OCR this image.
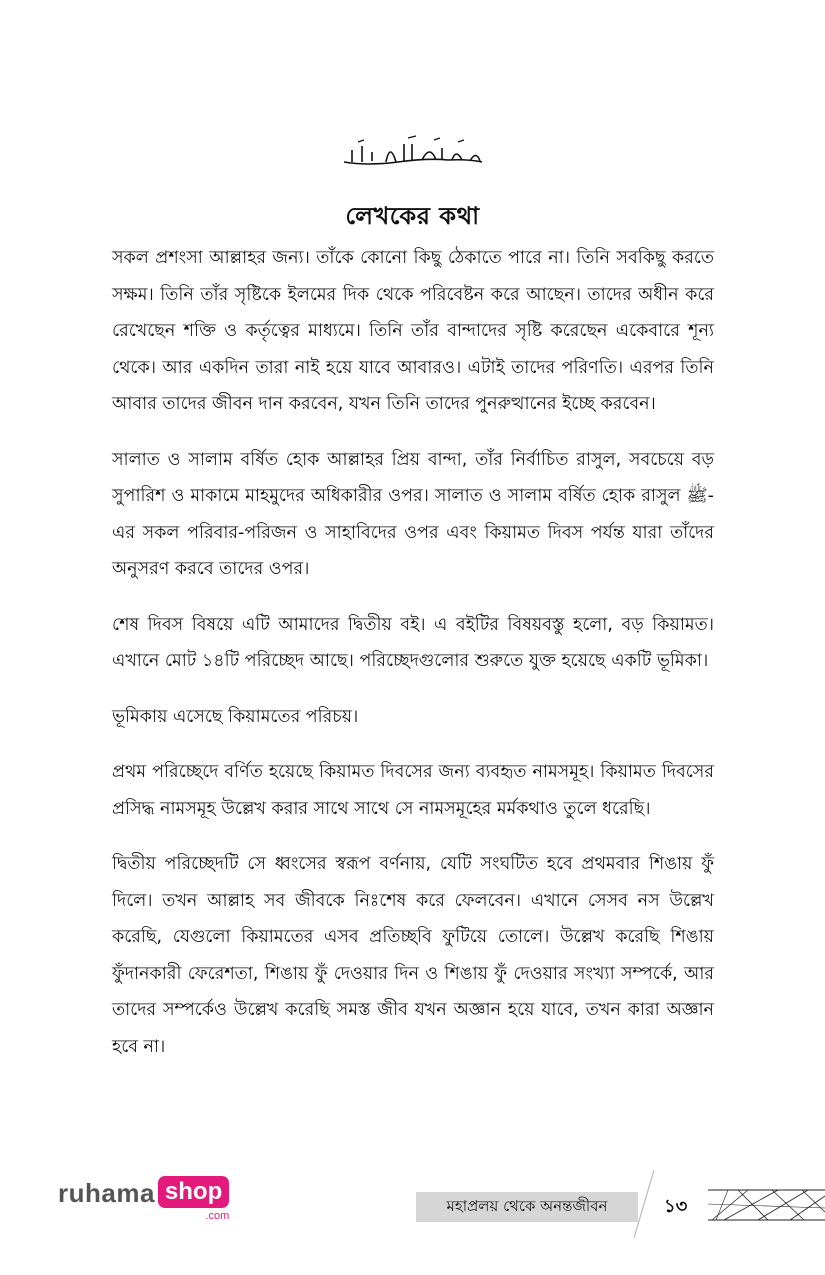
লেখকের কথা

সকল প্রশংসা আল্লাহর জন্য। তাঁকে কোনো কিছু ঠেকাতে পারে না। তিনি সবকিছু করতে সক্ষম। তিনি তাঁর সৃষ্টিকে ইলমের দিক থেকে পরিবেষ্টন করে আছেন। তাদের অধীন করে রেখেছেন শক্তি ও কর্তৃত্বের মাধ্যমে। তিনি তাঁর বান্দাদের সৃষ্টি করেছেন একেবারে শূন্য থেকে। আর একদিন তারা নাই হয়ে যাবে আবারও। এটাই তাদের পরিণতি। এরপর তিনি আবার তাদের জীবন দান করবেন, যখন তিনি তাদের পুনরুত্থানের ইচ্ছে করবেন।

সালাত ও সালাম বর্ষিত হোক আল্লাহর প্রিয় বান্দা, তাঁর নির্বাচিত রাসুল, সবচেয়ে বড় সুপারিশ ও মাকামে মাহমুদের অধিকারীর ওপর। সালাত ও সালাম বর্ষিত হোক রাসুল ﷺ-এর সকল পরিবার-পরিজন ও সাহাবিদের ওপর এবং কিয়ামত দিবস পর্যন্ত যারা তাঁদের অনুসরণ করবে তাদের ওপর।

শেষ দিবস বিষয়ে এটি আমাদের দ্বিতীয় বই। এ বইটির বিষয়বস্তু হলো, বড় কিয়ামত। এখানে মোট ১৪টি পরিচ্ছেদ আছে। পরিচ্ছেদগুলোর শুরুতে যুক্ত হয়েছে একটি ভূমিকা।

ভূমিকায় এসেছে কিয়ামতের পরিচয়।

প্রথম পরিচ্ছেদে বর্ণিত হয়েছে কিয়ামত দিবসের জন্য ব্যবহৃত নামসমূহ। কিয়ামত দিবসের প্রসিদ্ধ নামসমূহ উল্লেখ করার সাথে সাথে সে নামসমূহের মর্মকথাও তুলে ধরেছি।

দ্বিতীয় পরিচ্ছেদটি সে ধ্বংসের স্বরূপ বর্ণনায়, যেটি সংঘটিত হবে প্রথমবার শিঙায় ফুঁ দিলে। তখন আল্লাহ সব জীবকে নিঃশেষ করে ফেলবেন। এখানে সেসব নস উল্লেখ করেছি, যেগুলো কিয়ামতের এসব প্রতিচ্ছবি ফুটিয়ে তোলে। উল্লেখ করেছি শিঙায় ফুঁদানকারী ফেরেশতা, শিঙায় ফুঁ দেওয়ার দিন ও শিঙায় ফুঁ দেওয়ার সংখ্যা সম্পর্কে, আর তাদের সম্পর্কেও উল্লেখ করেছি সমস্ত জীব যখন অজ্ঞান হয়ে যাবে, তখন কারা অজ্ঞান হবে না।

ruhama shop
.com
মহাপ্রলয় থেকে অনন্তজীবন	১৩
